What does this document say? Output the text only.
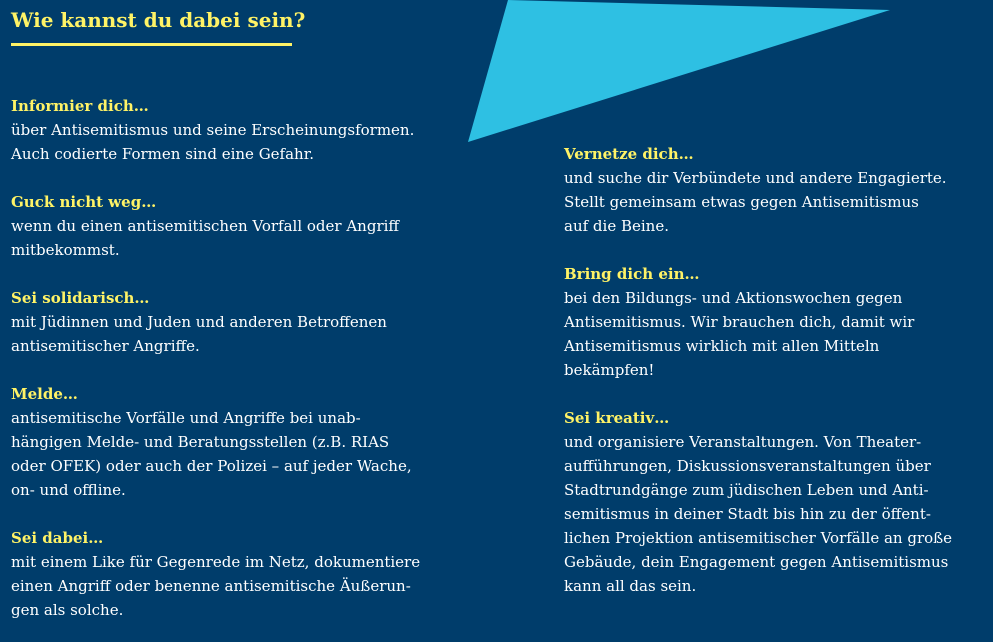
Wie kannst du dabei sein?
Informier dich…
über Antisemitismus und seine Erscheinungsformen.
Auch codierte Formen sind eine Gefahr.
Guck nicht weg…
wenn du einen antisemitischen Vorfall oder Angriff
mitbekommst.
Sei solidarisch…
mit Jüdinnen und Juden und anderen Betroffenen
antisemitischer Angriffe.
Melde…
antisemitische Vorfälle und Angriffe bei unab-
hängigen Melde- und Beratungsstellen (z.B. RIAS
oder OFEK) oder auch der Polizei – auf jeder Wache,
on- und offline.
Sei dabei…
mit einem Like für Gegenrede im Netz, dokumentiere
einen Angriff oder benenne antisemitische Äußerun-
gen als solche.
Vernetze dich…
und suche dir Verbündete und andere Engagierte.
Stellt gemeinsam etwas gegen Antisemitismus
auf die Beine.
Bring dich ein…
bei den Bildungs- und Aktionswochen gegen
Antisemitismus. Wir brauchen dich, damit wir
Antisemitismus wirklich mit allen Mitteln
bekämpfen!
Sei kreativ…
und organisiere Veranstaltungen. Von Theater-
aufführungen, Diskussionsveranstaltungen über
Stadtrundgänge zum jüdischen Leben und Anti-
semitismus in deiner Stadt bis hin zu der öffent-
lichen Projektion antisemitischer Vorfälle an große
Gebäude, dein Engagement gegen Antisemitismus
kann all das sein.
